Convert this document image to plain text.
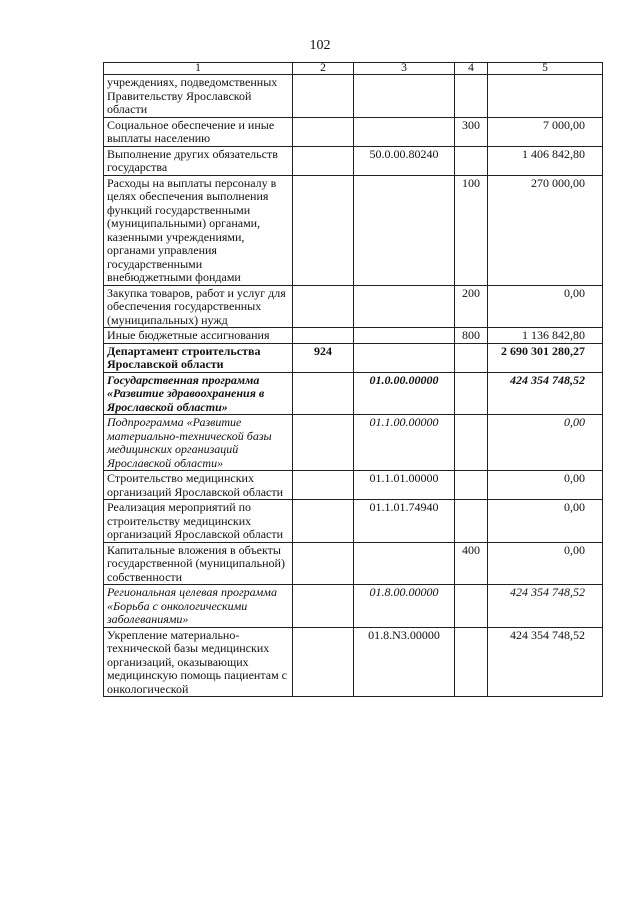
102
1	2	3	4	5
учреждениях, подведомственных Правительству Ярославской области				
Социальное обеспечение и иные выплаты населению			300	7 000,00
Выполнение других обязательств государства		50.0.00.80240		1 406 842,80
Расходы на выплаты персоналу в целях обеспечения выполнения функций государственными (муниципальными) органами, казенными учреждениями, органами управления государственными внебюджетными фондами			100	270 000,00
Закупка товаров, работ и услуг для обеспечения государственных (муниципальных) нужд			200	0,00
Иные бюджетные ассигнования			800	1 136 842,80
Департамент строительства Ярославской области	924			2 690 301 280,27
Государственная программа «Развитие здравоохранения в Ярославской области»		01.0.00.00000		424 354 748,52
Подпрограмма «Развитие материально-технической базы медицинских организаций Ярославской области»		01.1.00.00000		0,00
Строительство медицинских организаций Ярославской области		01.1.01.00000		0,00
Реализация мероприятий по строительству медицинских организаций Ярославской области		01.1.01.74940		0,00
Капитальные вложения в объекты государственной (муниципальной) собственности			400	0,00
Региональная целевая программа «Борьба с онкологическими заболеваниями»		01.8.00.00000		424 354 748,52
Укрепление материально-технической базы медицинских организаций, оказывающих медицинскую помощь пациентам с онкологической		01.8.N3.00000		424 354 748,52
